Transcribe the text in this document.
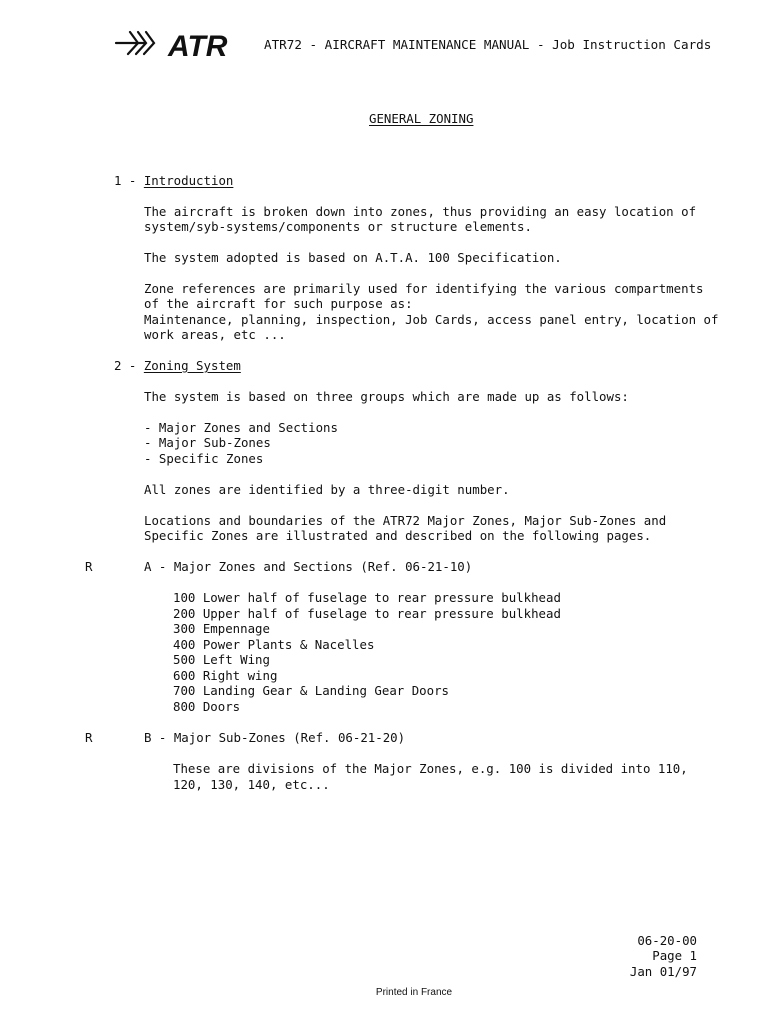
ATR	ATR72 - AIRCRAFT MAINTENANCE MANUAL - Job Instruction Cards
GENERAL ZONING
1 - Introduction
The aircraft is broken down into zones, thus providing an easy location of
system/syb-systems/components or structure elements.
The system adopted is based on A.T.A. 100 Specification.
Zone references are primarily used for identifying the various compartments
of the aircraft for such purpose as:
Maintenance, planning, inspection, Job Cards, access panel entry, location of
work areas, etc ...
2 - Zoning System
The system is based on three groups which are made up as follows:
- Major Zones and Sections
- Major Sub-Zones
- Specific Zones
All zones are identified by a three-digit number.
Locations and boundaries of the ATR72 Major Zones, Major Sub-Zones and
Specific Zones are illustrated and described on the following pages.
R	A - Major Zones and Sections (Ref. 06-21-10)
100 Lower half of fuselage to rear pressure bulkhead
200 Upper half of fuselage to rear pressure bulkhead
300 Empennage
400 Power Plants & Nacelles
500 Left Wing
600 Right wing
700 Landing Gear & Landing Gear Doors
800 Doors
R	B - Major Sub-Zones (Ref. 06-21-20)
These are divisions of the Major Zones, e.g. 100 is divided into 110,
120, 130, 140, etc...
06-20-00
Page 1
Jan 01/97
Printed in France
